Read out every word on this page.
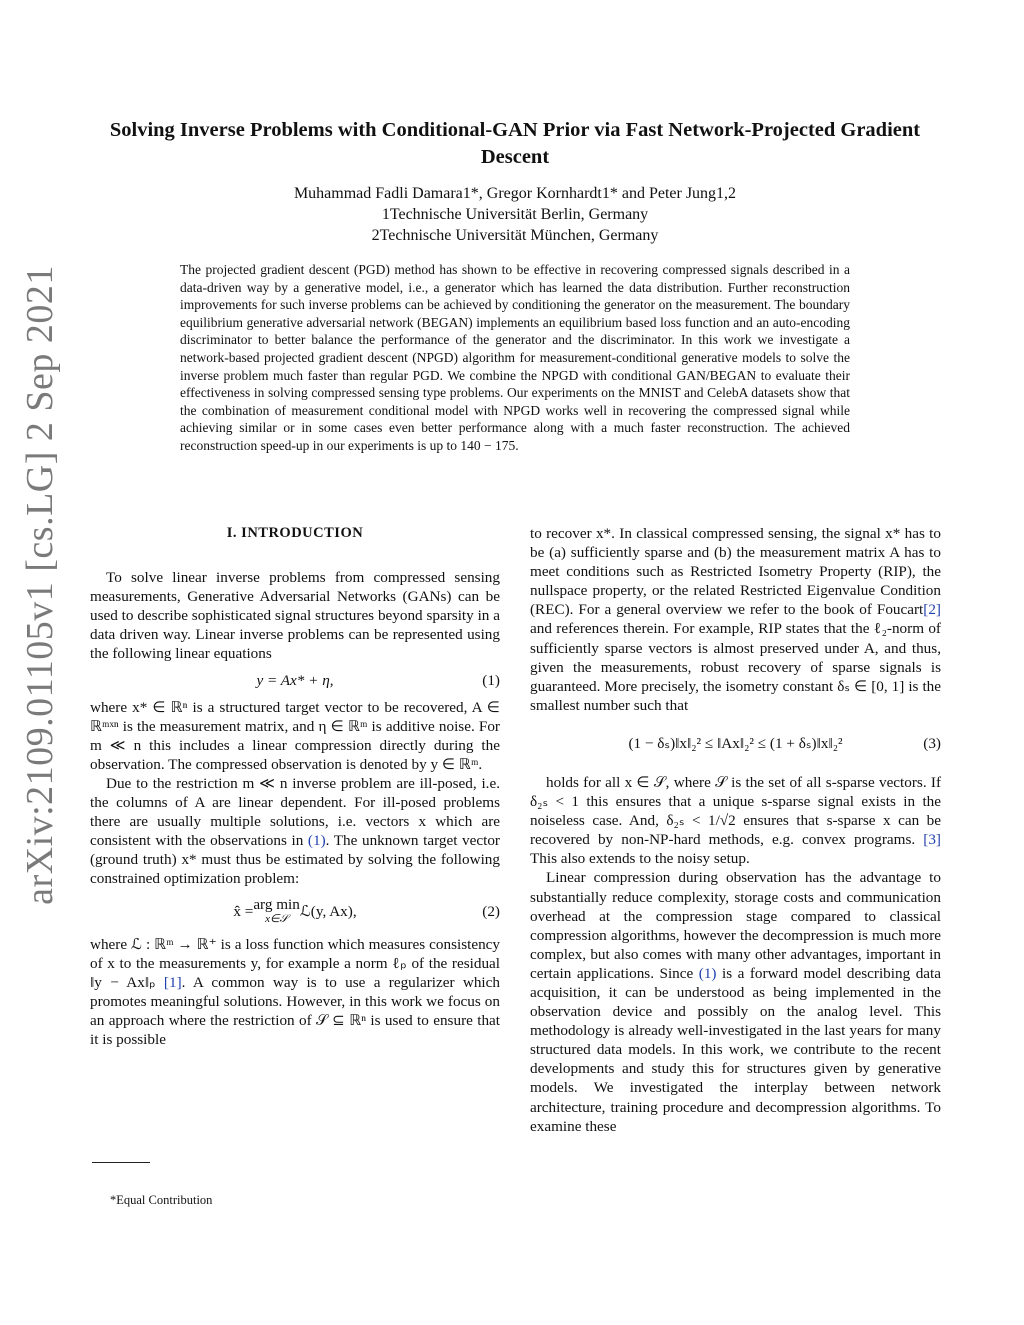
arXiv:2109.01105v1 [cs.LG] 2 Sep 2021
Solving Inverse Problems with Conditional-GAN Prior via Fast Network-Projected Gradient Descent
Muhammad Fadli Damara1*, Gregor Kornhardt1* and Peter Jung1,2
1Technische Universität Berlin, Germany
2Technische Universität München, Germany
The projected gradient descent (PGD) method has shown to be effective in recovering compressed signals described in a data-driven way by a generative model, i.e., a generator which has learned the data distribution. Further reconstruction improvements for such inverse problems can be achieved by conditioning the generator on the measurement. The boundary equilibrium generative adversarial network (BEGAN) implements an equilibrium based loss function and an auto-encoding discriminator to better balance the performance of the generator and the discriminator. In this work we investigate a network-based projected gradient descent (NPGD) algorithm for measurement-conditional generative models to solve the inverse problem much faster than regular PGD. We combine the NPGD with conditional GAN/BEGAN to evaluate their effectiveness in solving compressed sensing type problems. Our experiments on the MNIST and CelebA datasets show that the combination of measurement conditional model with NPGD works well in recovering the compressed signal while achieving similar or in some cases even better performance along with a much faster reconstruction. The achieved reconstruction speed-up in our experiments is up to 140 − 175.

I. INTRODUCTION

To solve linear inverse problems from compressed sensing measurements, Generative Adversarial Networks (GANs) can be used to describe sophisticated signal structures beyond sparsity in a data driven way. Linear inverse problems can be represented using the following linear equations

y = Ax* + η,	(1)

where x* ∈ ℝⁿ is a structured target vector to be recovered, A ∈ ℝᵐˣⁿ is the measurement matrix, and η ∈ ℝᵐ is additive noise. For m ≪ n this includes a linear compression directly during the observation. The compressed observation is denoted by y ∈ ℝᵐ.

Due to the restriction m ≪ n inverse problem are ill-posed, i.e. the columns of A are linear dependent. For ill-posed problems there are usually multiple solutions, i.e. vectors x which are consistent with the observations in (1). The unknown target vector (ground truth) x* must thus be estimated by solving the following constrained optimization problem:

x̂ = arg min
x∈𝒮 ℒ(y, Ax),	(2)

where ℒ : ℝᵐ → ℝ⁺ is a loss function which measures consistency of x to the measurements y, for example a norm ℓₚ of the residual ‖y − Ax‖ₚ [1]. A common way is to use a regularizer which promotes meaningful solutions. However, in this work we focus on an approach where the restriction of 𝒮 ⊆ ℝⁿ is used to ensure that it is possible

*Equal Contribution

to recover x*. In classical compressed sensing, the signal x* has to be (a) sufficiently sparse and (b) the measurement matrix A has to meet conditions such as Restricted Isometry Property (RIP), the nullspace property, or the related Restricted Eigenvalue Condition (REC). For a general overview we refer to the book of Foucart[2] and references therein. For example, RIP states that the ℓ₂-norm of sufficiently sparse vectors is almost preserved under A, and thus, given the measurements, robust recovery of sparse signals is guaranteed. More precisely, the isometry constant δₛ ∈ [0, 1] is the smallest number such that

(1 − δₛ)‖x‖₂² ≤ ‖Ax‖₂² ≤ (1 + δₛ)‖x‖₂²	(3)

holds for all x ∈ 𝒮, where 𝒮 is the set of all s-sparse vectors. If δ₂ₛ < 1 this ensures that a unique s-sparse signal exists in the noiseless case. And, δ₂ₛ < 1/√2 ensures that s-sparse x can be recovered by non-NP-hard methods, e.g. convex programs. [3] This also extends to the noisy setup.

Linear compression during observation has the advantage to substantially reduce complexity, storage costs and communication overhead at the compression stage compared to classical compression algorithms, however the decompression is much more complex, but also comes with many other advantages, important in certain applications. Since (1) is a forward model describing data acquisition, it can be understood as being implemented in the observation device and possibly on the analog level. This methodology is already well-investigated in the last years for many structured data models. In this work, we contribute to the recent developments and study this for structures given by generative models. We investigated the interplay between network architecture, training procedure and decompression algorithms. To examine these
